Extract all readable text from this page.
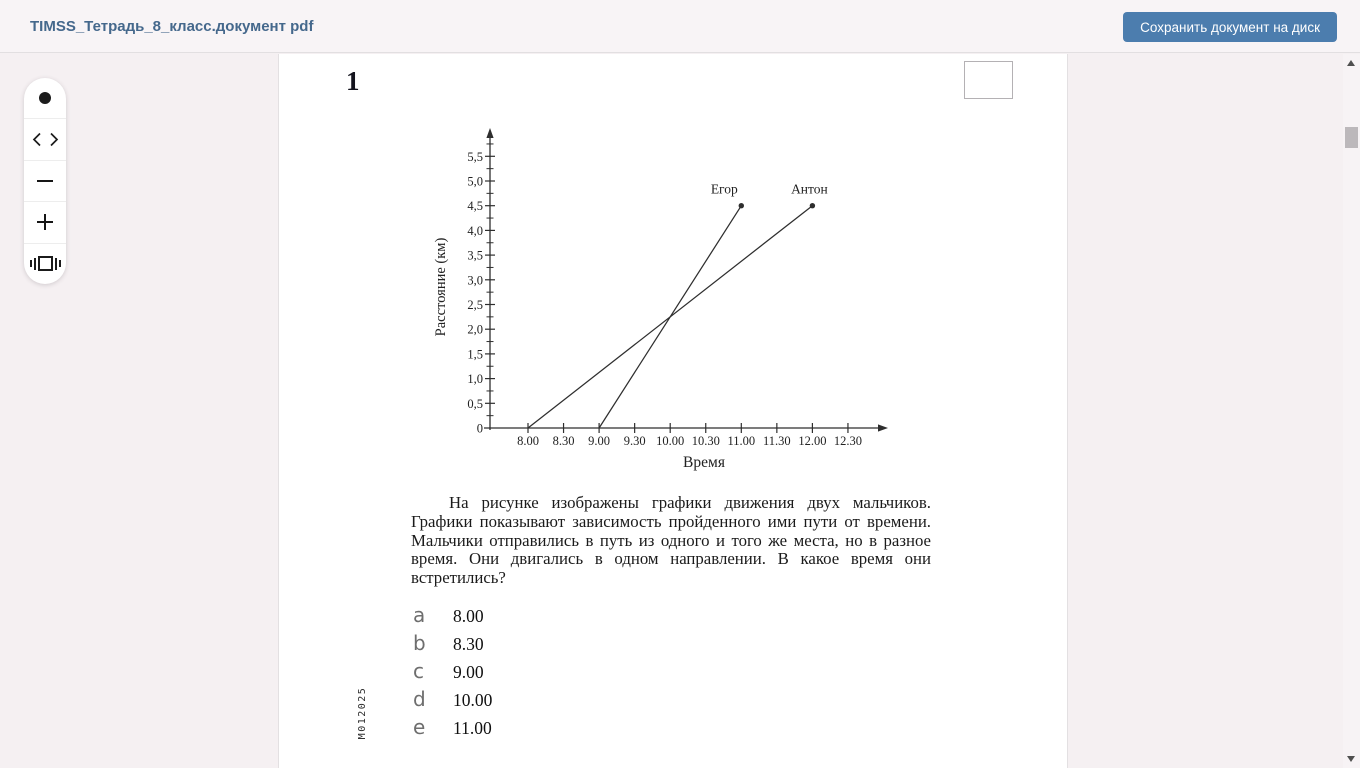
TIMSS_Тетрадь_8_класс.документ pdf	Сохранить документ на диск
1
8.00 8.30 9.00 9.30 10.00 10.30 11.00 11.30 12.00 12.30
0
0,5
1,0
1,5
2,0
2,5
3,0
3,5
4,0
4,5
5,0
5,5
Егор	Антон
Время
Расстояние (км)

На рисунке изображены графики движения двух мальчиков. Графики показывают зависимость пройденного ими пути от времени. Мальчики отправились в путь из одного и того же места, но в разное время. Они двигались в одном направлении. В какое время они встретились?

a	8.00
b	8.30
c	9.00
d	10.00
e	11.00
M012025
